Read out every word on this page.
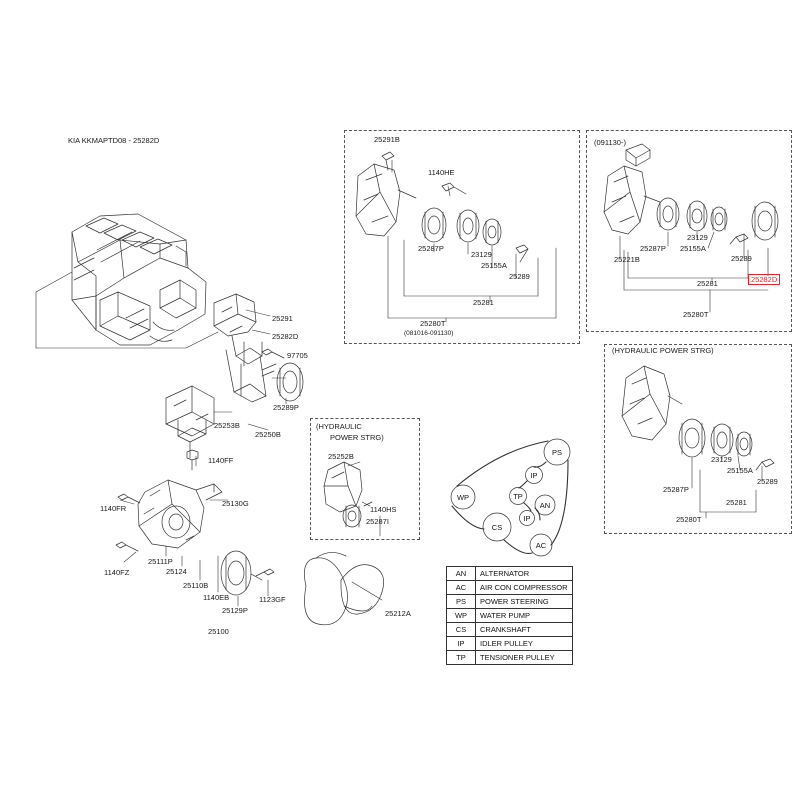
PS
IP
TP
AN
WP
IP
CS
AC
KIA KKMAPTD08 - 25282D	25291B
1140HE
25287P
23129
25155A
25289
25281
25280T
(081016-091130)
(091130-)
25287P
23129
25155A
25289
25221B
25281
25280T
25282D
(HYDRAULIC POWER STRG)
23129
25155A
25289
25287P
25281
25280T
25291
25282D
97705
25289P
25253B
25250B
1140FF
(HYDRAULIC
POWER STRG)
25252B
1140HS
25287I
1140FR
25130G
1140FZ
25111P
25124
25110B
1140EB
25129P
1123GF
25100
25212A
AN	ALTERNATOR
AC	AIR CON COMPRESSOR
PS	POWER STEERING
WP	WATER PUMP
CS	CRANKSHAFT
IP	IDLER PULLEY
TP	TENSIONER PULLEY
